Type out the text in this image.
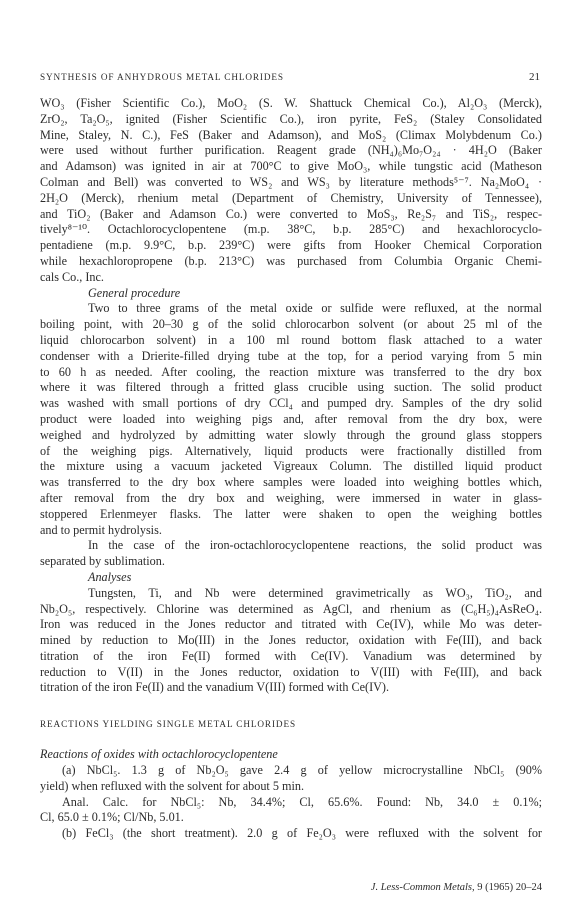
SYNTHESIS OF ANHYDROUS METAL CHLORIDES	21
WO₃ (Fisher Scientific Co.), MoO₂ (S. W. Shattuck Chemical Co.), Al₂O₃ (Merck),
ZrO₂, Ta₂O₅, ignited (Fisher Scientific Co.), iron pyrite, FeS₂ (Staley Consolidated
Mine, Staley, N. C.), FeS (Baker and Adamson), and MoS₂ (Climax Molybdenum Co.)
were used without further purification. Reagent grade (NH₄)₆Mo₇O₂₄ · 4H₂O (Baker
and Adamson) was ignited in air at 700°C to give MoO₃, while tungstic acid (Matheson
Colman and Bell) was converted to WS₂ and WS₃ by literature methods⁵⁻⁷. Na₂MoO₄ ·
2H₂O (Merck), rhenium metal (Department of Chemistry, University of Tennessee),
and TiO₂ (Baker and Adamson Co.) were converted to MoS₃, Re₂S₇ and TiS₂, respec-
tively⁸⁻¹⁰. Octachlorocyclopentene (m.p. 38°C, b.p. 285°C) and hexachlorocyclo-
pentadiene (m.p. 9.9°C, b.p. 239°C) were gifts from Hooker Chemical Corporation
while hexachloropropene (b.p. 213°C) was purchased from Columbia Organic Chemi-
cals Co., Inc.
General procedure
Two to three grams of the metal oxide or sulfide were refluxed, at the normal
boiling point, with 20–30 g of the solid chlorocarbon solvent (or about 25 ml of the
liquid chlorocarbon solvent) in a 100 ml round bottom flask attached to a water
condenser with a Drierite-filled drying tube at the top, for a period varying from 5 min
to 60 h as needed. After cooling, the reaction mixture was transferred to the dry box
where it was filtered through a fritted glass crucible using suction. The solid product
was washed with small portions of dry CCl₄ and pumped dry. Samples of the dry solid
product were loaded into weighing pigs and, after removal from the dry box, were
weighed and hydrolyzed by admitting water slowly through the ground glass stoppers
of the weighing pigs. Alternatively, liquid products were fractionally distilled from
the mixture using a vacuum jacketed Vigreaux Column. The distilled liquid product
was transferred to the dry box where samples were loaded into weighing bottles which,
after removal from the dry box and weighing, were immersed in water in glass-
stoppered Erlenmeyer flasks. The latter were shaken to open the weighing bottles
and to permit hydrolysis.
In the case of the iron-octachlorocyclopentene reactions, the solid product was
separated by sublimation.
Analyses
Tungsten, Ti, and Nb were determined gravimetrically as WO₃, TiO₂, and
Nb₂O₅, respectively. Chlorine was determined as AgCl, and rhenium as (C₆H₅)₄AsReO₄.
Iron was reduced in the Jones reductor and titrated with Ce(IV), while Mo was deter-
mined by reduction to Mo(III) in the Jones reductor, oxidation with Fe(III), and back
titration of the iron Fe(II) formed with Ce(IV). Vanadium was determined by
reduction to V(II) in the Jones reductor, oxidation to V(III) with Fe(III), and back
titration of the iron Fe(II) and the vanadium V(III) formed with Ce(IV).
REACTIONS YIELDING SINGLE METAL CHLORIDES
Reactions of oxides with octachlorocyclopentene
(a) NbCl₅. 1.3 g of Nb₂O₅ gave 2.4 g of yellow microcrystalline NbCl₅ (90%
yield) when refluxed with the solvent for about 5 min.
Anal. Calc. for NbCl₅: Nb, 34.4%; Cl, 65.6%. Found: Nb, 34.0 ± 0.1%;
Cl, 65.0 ± 0.1%; Cl/Nb, 5.01.
(b) FeCl₃ (the short treatment). 2.0 g of Fe₂O₃ were refluxed with the solvent for
J. Less-Common Metals, 9 (1965) 20–24
